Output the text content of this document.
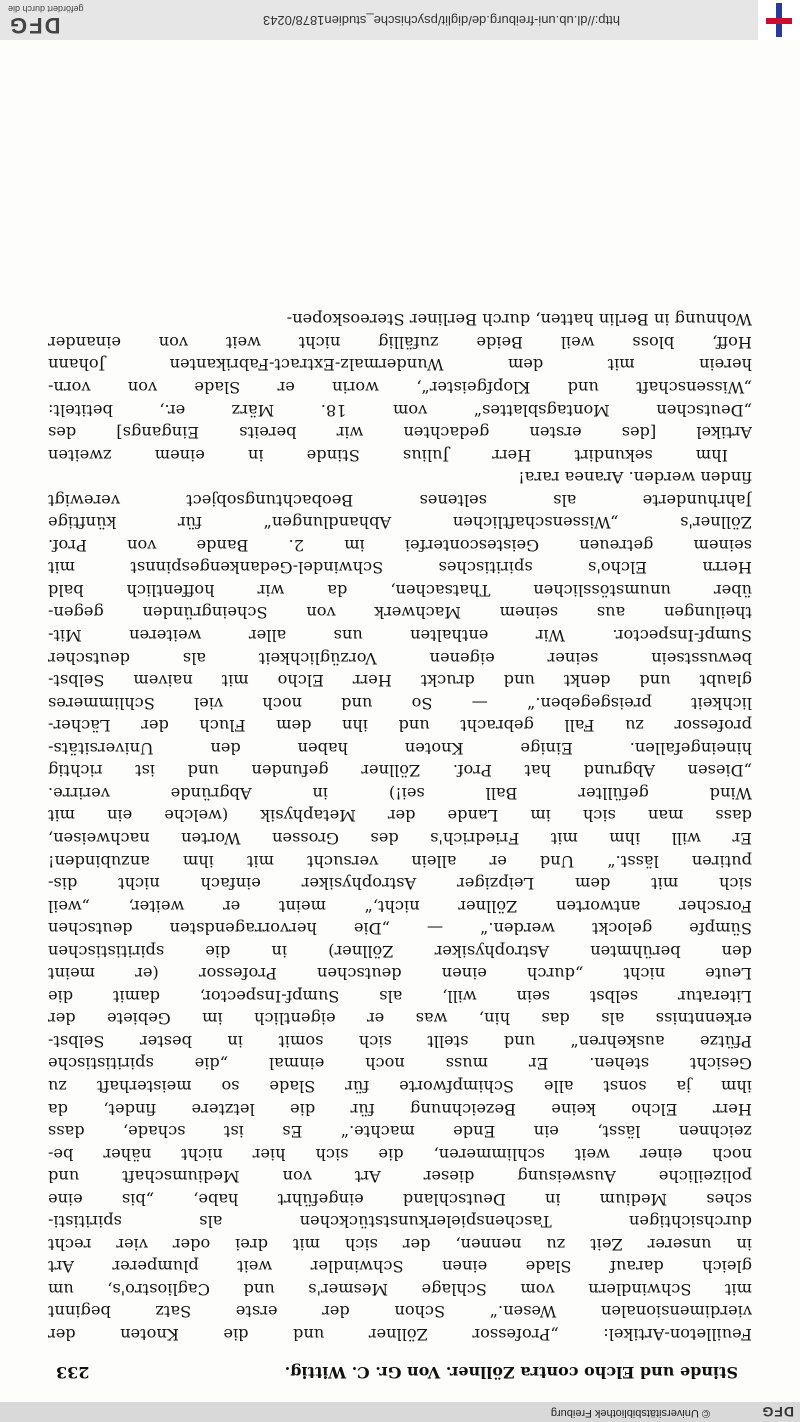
DFG
© Universitätsbibliothek Freiburg
Stinde und Elcho contra Zöllner. Von Gr. C. Wittig.
233
Feuilleton-Artikel: „Professor Zöllner und die Knoten der
vierdimensionalen Wesen.“ Schon der erste Satz beginnt
mit Schwindlern vom Schlage Mesmer's und Cagliostro's, um
gleich darauf Slade einen Schwindler weit plumperer Art
in unserer Zeit zu nennen, der sich mit drei oder vier recht
durchsichtigen Taschenspielerkunststückchen als spiritisti-
sches Medium in Deutschland eingeführt habe, „bis eine
polizeiliche Ausweisung dieser Art von Mediumschaft und
noch einer weit schlimmeren, die sich hier nicht näher be-
zeichnen lässt, ein Ende machte.“ Es ist schade, dass
Herr Elcho keine Bezeichnung für die letztere findet, da
ihm ja sonst alle Schimpfworte für Slade so meisterhaft zu
Gesicht stehen. Er muss noch einmal „die spiritistische
Pfütze auskehren“ und stellt sich somit in bester Selbst-
erkenntniss als das hin, was er eigentlich im Gebiete der
Literatur selbst sein will, als Sumpf-Inspector, damit die
Leute nicht „durch einen deutschen Professor (er meint
den berühmten Astrophysiker Zöllner) in die spiritistischen
Sümpfe gelockt werden.“ — „Die hervorragendsten deutschen
Forscher antworten Zöllner nicht,“ meint er weiter, „weil
sich mit dem Leipziger Astrophysiker einfach nicht dis-
putiren lässt.“ Und er allein versucht mit ihm anzubinden!
Er will ihm mit Friedrich's des Grossen Worten nachweisen,
dass man sich im Lande der Metaphysik (welche ein mit
Wind gefüllter Ball sei!) in Abgründe verirre.
„Diesen Abgrund hat Prof. Zöllner gefunden und ist richtig
hineingefallen. Einige Knoten haben den Universitäts-
professor zu Fall gebracht und ihn dem Fluch der Lächer-
lichkeit preisgegeben.“ — So und noch viel Schlimmeres
glaubt und denkt und druckt Herr Elcho mit naivem Selbst-
bewusstsein seiner eigenen Vorzüglichkeit als deutscher
Sumpf-Inspector. Wir enthalten uns aller weiteren Mit-
theilungen aus seinem Machwerk von Scheingründen gegen-
über unumstösslichen Thatsachen, da wir hoffentlich bald
Herrn Elcho's spiritisches Schwindel-Gedankengespinnst mit
seinem getreuen Geistesconterfei im 2. Bande von Prof.
Zöllner's „Wissenschaftlichen Abhandlungen“ für künftige
Jahrhunderte als seltenes Beobachtungsobject verewigt
finden werden. Aranea rara!
Ihm sekundirt Herr Julius Stinde in einem zweiten
Artikel [des ersten gedachten wir bereits Eingangs] des
„Deutschen Montagsblattes“ vom 18. März er., betitelt:
„Wissenschaft und Klopfgeister“, worin er Slade von vorn-
herein mit dem Wundermalz-Extract-Fabrikanten Johann
Hoff, bloss weil Beide zufällig nicht weit von einander
Wohnung in Berlin hatten, durch Berliner Stereoskopen-
http://dl.ub.uni-freiburg.de/diglit/psychische_studien1878/0243
DFG
gefördert durch die
